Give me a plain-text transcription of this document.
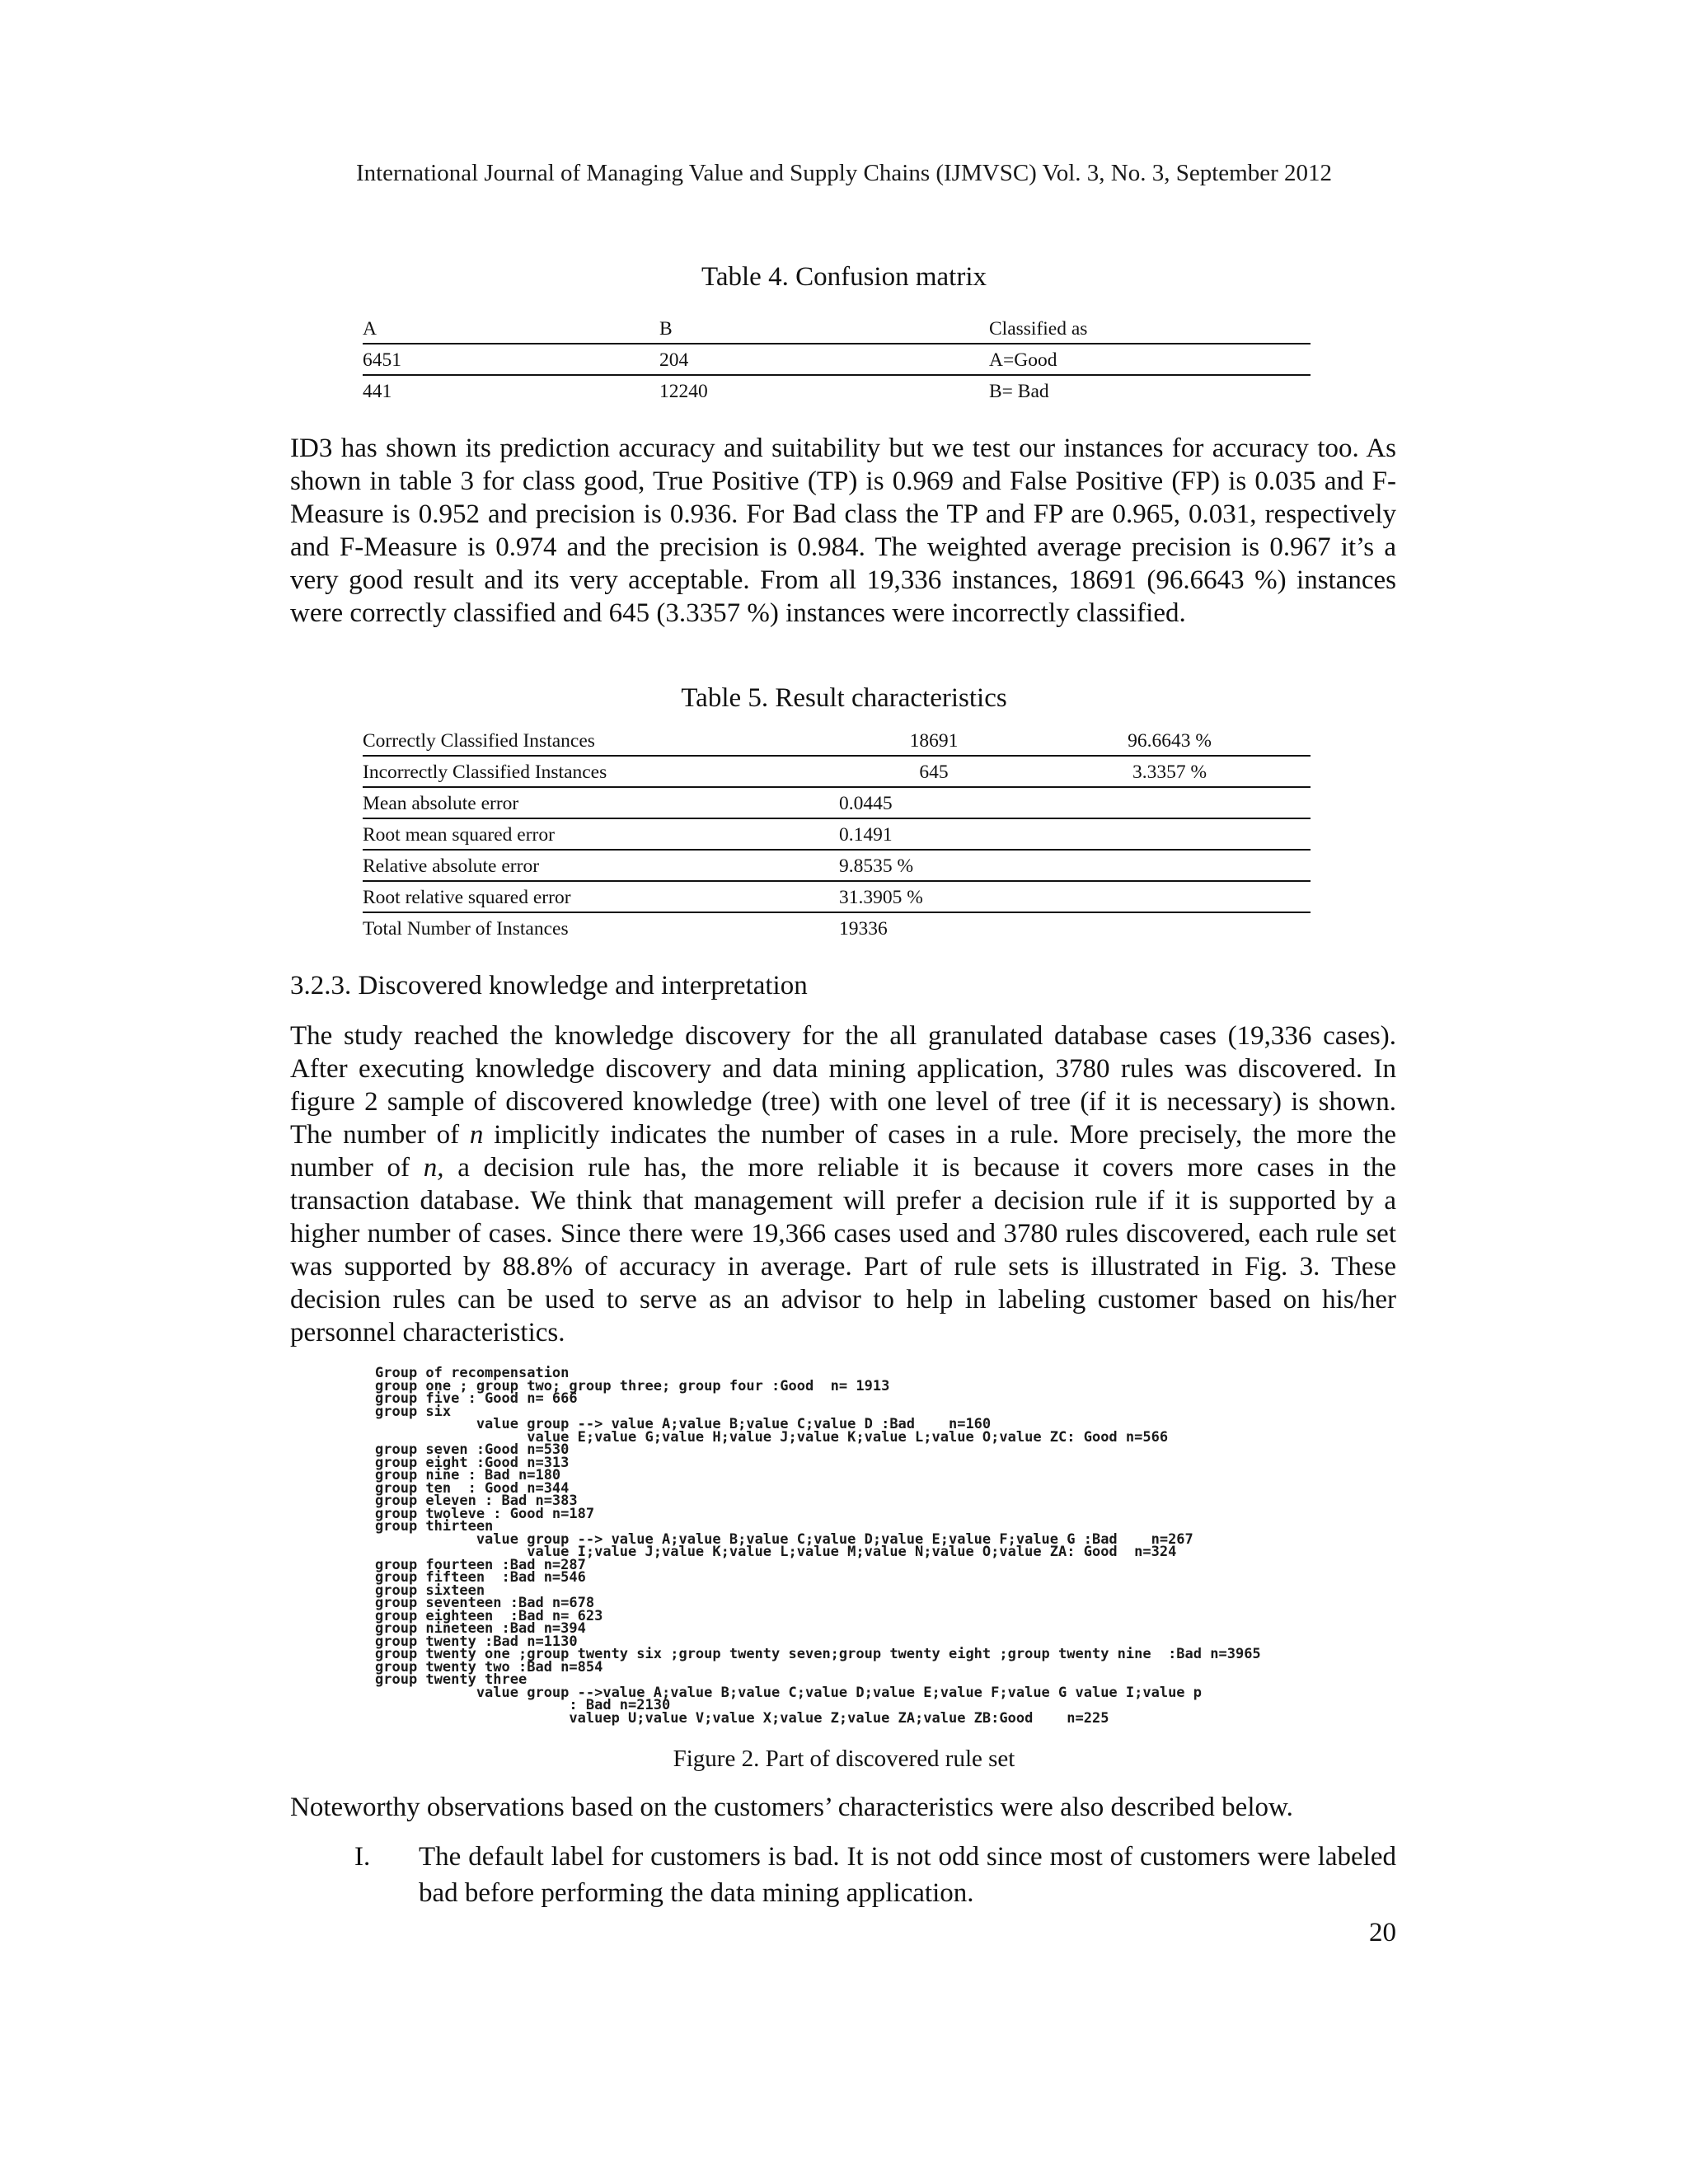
International Journal of Managing Value and Supply Chains (IJMVSC) Vol. 3, No. 3, September 2012
Table 4. Confusion matrix
A	B	Classified as
6451	204	A=Good
441	12240	B= Bad

ID3 has shown its prediction accuracy and suitability but we test our instances for accuracy too. As shown in table 3 for class good, True Positive (TP) is 0.969 and False Positive (FP) is 0.035 and F-Measure is 0.952 and precision is 0.936. For Bad class the TP and FP are 0.965, 0.031, respectively and F-Measure is 0.974 and the precision is 0.984. The weighted average precision is 0.967 it’s a very good result and its very acceptable. From all 19,336 instances, 18691 (96.6643 %) instances were correctly classified and 645 (3.3357 %) instances were incorrectly classified.

Table 5. Result characteristics
Correctly Classified Instances	18691	96.6643 %
Incorrectly Classified Instances	645	3.3357 %
Mean absolute error	0.0445	
Root mean squared error	0.1491	
Relative absolute error	9.8535 %	
Root relative squared error	31.3905 %	
Total Number of Instances	19336	
3.2.3. Discovered knowledge and interpretation

The study reached the knowledge discovery for the all granulated database cases (19,336 cases). After executing knowledge discovery and data mining application, 3780 rules was discovered. In figure 2 sample of discovered knowledge (tree) with one level of tree (if it is necessary) is shown. The number of n implicitly indicates the number of cases in a rule. More precisely, the more the number of n, a decision rule has, the more reliable it is because it covers more cases in the transaction database. We think that management will prefer a decision rule if it is supported by a higher number of cases. Since there were 19,366 cases used and 3780 rules discovered, each rule set was supported by 88.8% of accuracy in average. Part of rule sets is illustrated in Fig. 3. These decision rules can be used to serve as an advisor to help in labeling customer based on his/her personnel characteristics.

Group of recompensation
group one ; group two; group three; group four :Good  n= 1913
group five : Good n= 666
group six
value group --> value A;value B;value C;value D :Bad    n=160
value E;value G;value H;value J;value K;value L;value O;value ZC: Good n=566
group seven :Good n=530
group eight :Good n=313
group nine : Bad n=180
group ten  : Good n=344
group eleven : Bad n=383
group twoleve : Good n=187
group thirteen
value group --> value A;value B;value C;value D;value E;value F;value G :Bad    n=267
value I;value J;value K;value L;value M;value N;value O;value ZA: Good  n=324
group fourteen :Bad n=287
group fifteen  :Bad n=546
group sixteen
group seventeen :Bad n=678
group eighteen  :Bad n= 623
group nineteen :Bad n=394
group twenty :Bad n=1130
group twenty one ;group twenty six ;group twenty seven;group twenty eight ;group twenty nine  :Bad n=3965
group twenty two :Bad n=854
group twenty three
value group -->value A;value B;value C;value D;value E;value F;value G value I;value p
: Bad n=2130
valuep U;value V;value X;value Z;value ZA;value ZB:Good    n=225
Figure 2. Part of discovered rule set

Noteworthy observations based on the customers’ characteristics were also described below.

I. The default label for customers is bad. It is not odd since most of customers were labeled bad before performing the data mining application.

20
